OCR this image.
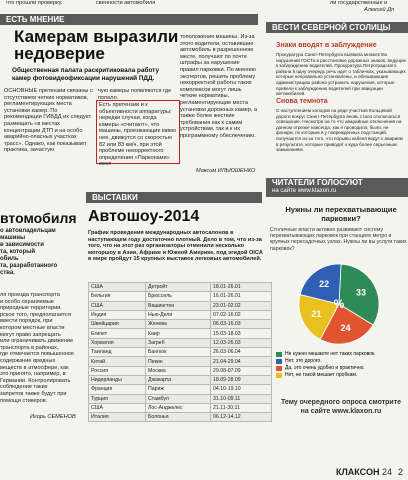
что прошли проверку.	свенности автомобиля	ли государственные и
Алексей Дп
ЕСТЬ МНЕНИЕ
Камерам выразили
недоверие
Общественная палата раскритиковала работу камер фотовидеофиксации нарушений ПДД.
ОСНОВНЫЕ претензии связаны с отсутствием четких нормативов, регламентирующих места установки камер. По рекомендации ГИБДД их следует размещать «в местах концентрации ДТП и на особо аварийно-опасных участках трасс». Однако, как показывает практика, зачастую
чую камеры появляются где попало.
Есть претензии и к объективности аппаратуры: нередки случаи, когда камеры «считают», что машины, проезжающие мимо нее, движутся со скоростью 82 или 83 км/ч, при этой проблеме некорректного определения «Парконами» мест
тоположения машины. Из-за этого водители, оставившие автомобиль в разрешенном месте, получают по почте штрафы за нарушение правил парковки. По мнению экспертов, решить проблему некорректной работы таких комплексов могут лишь четкие нормативы, регламентирующие места установки дорожных камер, а также более жесткие требования как к самим устройствам, так и к их программному обеспечению.
Максим ИЛЬЮШЕНКО
ВЕСТИ СЕВЕРНОЙ СТОЛИЦЫ
Знаки вводят в заблуждение
Прокуратура Санкт-Петербурга выявила множество нарушений ГОСТа в расстановке дорожных знаков, ведущих к заблуждению водителей. Прокуратура Петроградского района в одну очередь речь идет о табличках, указывающих которые неправильно установлены, и обязывающие администрацию района устранить нарушения, которые привели к заблуждению водителей при эвакуации автомобилей.
Снова темнота
С наступлением холодов на ряде участков Кольцевой дороги вокруг Санкт-Петербурга вновь стало отключаться освещение. Несмотря на то что аварийные отключения на данном отрезке навсегда, как я проводила, были, не фонари, по которым и у поврежденных подстанций, получаются из-за того, что порывы кабеля ведут к авариям в результате, которые приводят к куда более серьезным замыканиям.
втомобиля
о автовладельцам
машины
в зависимости
та, который
обиль
та, разработанного
ства.
ля проезда транспорта
и особо охраняемые
природные территории.
рское того, предполагается
ввести порядок, при
котором местные власти
могут право запрещать
или ограничивать движение
транспорта в районах,
где отмечается повышенное
содержание вредных
веществ в атмосфере, как
это принято, например, в
Германии. Контролировать
соблюдение таких
запретов также будут при
помощи стикеров.
Игорь СЕМЕНОВ
ВЫСТАВКИ
Автошоу-2014
График проведения международных автосалонов в наступающем году достаточно плотный. Дело в том, что из-за того, что на этот раз организаторы отменили несколько моторшоу в Азии, Африке и Южной Америке, под эгидой OICA в мире пройдут 15 крупных выставок легковых автомобилей.
США	Детройт	18.01-26.01
Бельгия	Брюссель	16.01-26.01
США	Вашингтон	23.01-02.02
Индия	Нью-Дели	07.02-16.02
Швейцария	Женева	06.03-16.03
Египет	Каир	15.03-18.03
Хорватия	Загреб	12.03-26.03
Таиланд	Бангкок	26.03-06.04
Китай	Пекин	21.04-29.04
Россия	Москва	29.08-07.09
Нидерланды	Джакарта	18.09-28.09
Франция	Париж	04.10-19.10
Турция	Стамбул	31.10-09.11
США	Лос-Анджелес	21.11-30.11
Италия	Болонья	06.12-14.12
ЧИТАТЕЛИ ГОЛОСУЮТ
на сайте www.klaxon.ru
Нужны ли перехватывающие парковки?
Столичные власти активно развивают систему перехватывающих парковок при станциях метро и крупных пересадочных узлах. Нужны ли вы услуги таких парковок?
33
24
21
22
%
Не нужно мешаете нет таких парковок.
Нет, это дорого.
Да, это очень удобно и практично.
Нет, не такой мешает пробкам.
Тему очередного опроса смотрите
на сайте www.klaxon.ru
КЛАКСОН 24 2
